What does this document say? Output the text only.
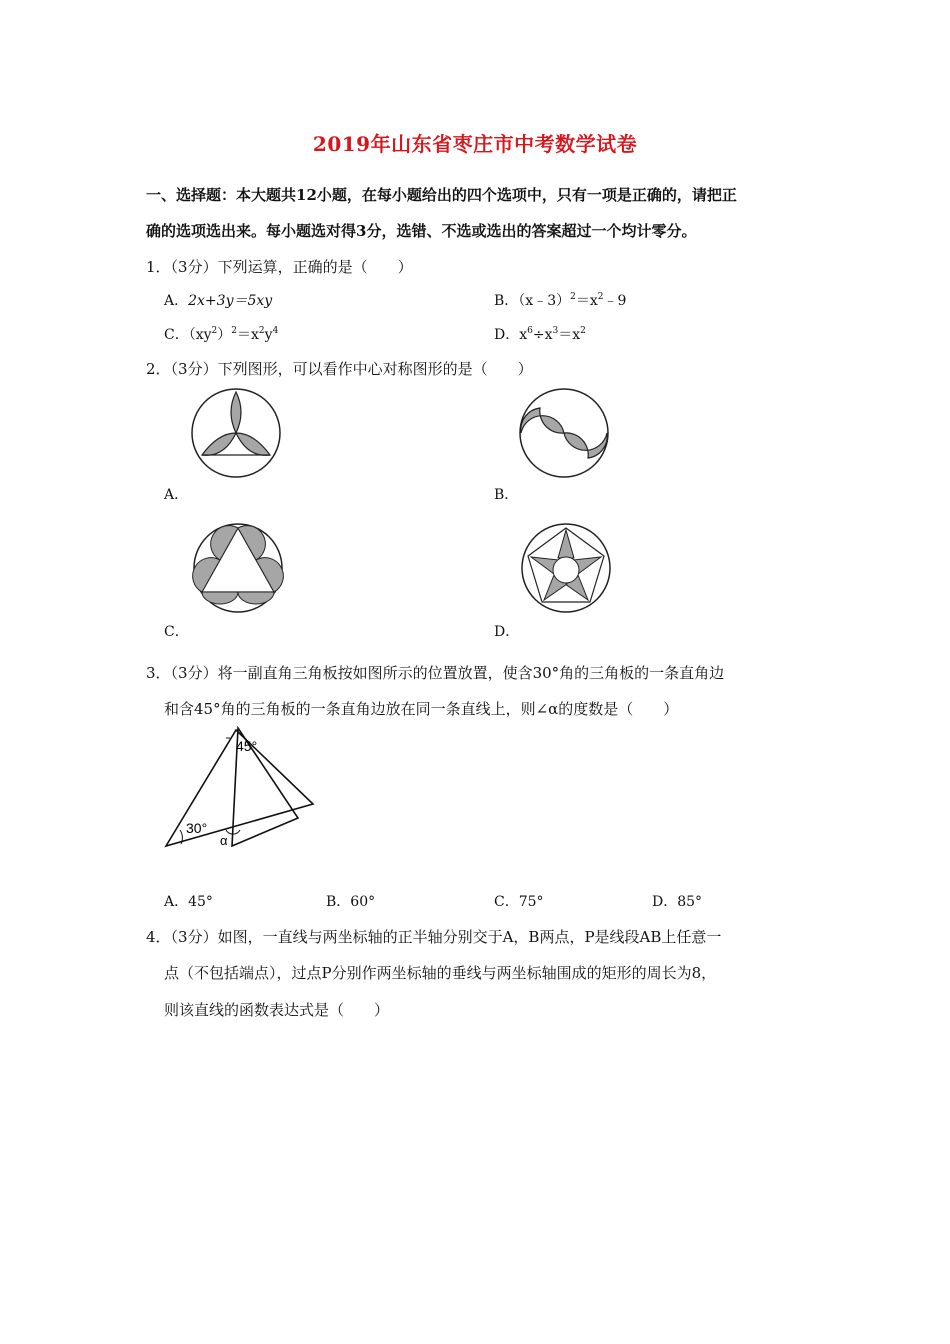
2019年山东省枣庄市中考数学试卷
一、选择题：本大题共12小题，在每小题给出的四个选项中，只有一项是正确的，请把正
确的选项选出来。每小题选对得3分，选错、不选或选出的答案超过一个均计零分。
1．（3分）下列运算，正确的是（　　）
A．2x+3y＝5xy	B．$(x﹣3)^2=x^2﹣9$
C．$(xy^2)^2=x^2y^4$	D．$x^6\div x^3=x^2$
2．（3分）下列图形，可以看作中心对称图形的是（　　）
A．	B．
C．	D．
3．（3分）将一副直角三角板按如图所示的位置放置，使含30°角的三角板的一条直角边
和含45°角的三角板的一条直角边放在同一条直线上，则∠α的度数是（　　）
45°
30°
α
A．45°	B．60°	C．75°	D．85°
4．（3分）如图，一直线与两坐标轴的正半轴分别交于A，B两点，P是线段AB上任意一
点（不包括端点），过点P分别作两坐标轴的垂线与两坐标轴围成的矩形的周长为8，
则该直线的函数表达式是（　　）
